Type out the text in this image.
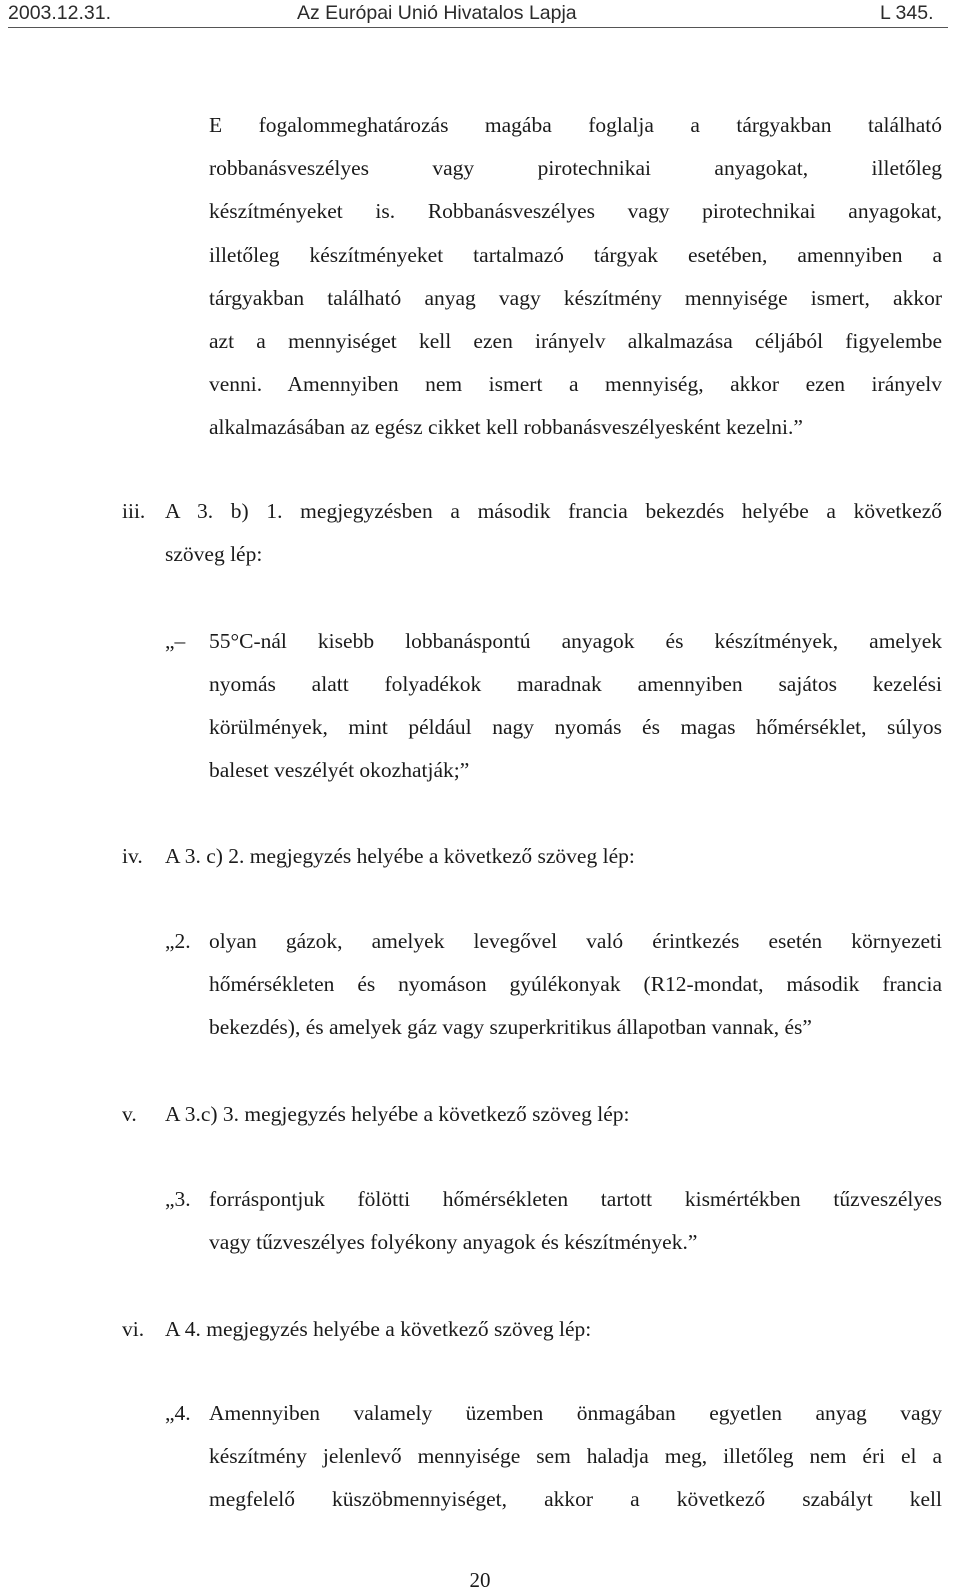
2003.12.31.	Az Európai Unió Hivatalos Lapja	L 345.
E fogalommeghatározás magába foglalja a tárgyakban található
robbanásveszélyes vagy pirotechnikai anyagokat, illetőleg
készítményeket is. Robbanásveszélyes vagy pirotechnikai anyagokat,
illetőleg készítményeket tartalmazó tárgyak esetében, amennyiben a
tárgyakban található anyag vagy készítmény mennyisége ismert, akkor
azt a mennyiséget kell ezen irányelv alkalmazása céljából figyelembe
venni. Amennyiben nem ismert a mennyiség, akkor ezen irányelv
alkalmazásában az egész cikket kell robbanásveszélyesként kezelni.”
iii. A 3. b) 1. megjegyzésben a második francia bekezdés helyébe a következő
szöveg lép:
„– 55°C-nál kisebb lobbanáspontú anyagok és készítmények, amelyek
nyomás alatt folyadékok maradnak amennyiben sajátos kezelési
körülmények, mint például nagy nyomás és magas hőmérséklet, súlyos
baleset veszélyét okozhatják;”
iv. A 3. c) 2. megjegyzés helyébe a következő szöveg lép:
„2. olyan gázok, amelyek levegővel való érintkezés esetén környezeti
hőmérsékleten és nyomáson gyúlékonyak (R12-mondat, második francia
bekezdés), és amelyek gáz vagy szuperkritikus állapotban vannak, és”
v. A 3.c) 3. megjegyzés helyébe a következő szöveg lép:
„3. forráspontjuk fölötti hőmérsékleten tartott kismértékben tűzveszélyes
vagy tűzveszélyes folyékony anyagok és készítmények.”
vi. A 4. megjegyzés helyébe a következő szöveg lép:
„4. Amennyiben valamely üzemben önmagában egyetlen anyag vagy
készítmény jelenlevő mennyisége sem haladja meg, illetőleg nem éri el a
megfelelő küszöbmennyiséget, akkor a következő szabályt kell
20
